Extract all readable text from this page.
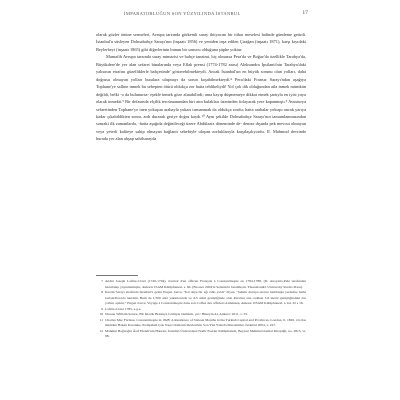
İMPARATORLUĞUN SON YÜZYILINDA İSTANBUL	17

olarak gözler önüne sermeleri, Avrupa tarzında görkemli saray ihtiyacını bir itibar meselesi halinde gündeme getirdi. İstanbul'u süsleyen Dolmabahçe Sarayı'nın (inşaatı 1856) ve yeniden inşa edilen Çırağan (inşaatı 1871), karşı kıyıdaki Beylerbeyi (inşaatı 1865) gibi diğerlerinin bunun bir sonucu olduğuna şüphe yoktur.

Mamafih Avrupa tarzında saray mimarisi ve bahçe tanzimi, hiç olmazsa Pera'da ve Boğaz'da özellikle Tarabya'da, Büyükdere'de yer alan sefaret binalarında veya Eflak prensi (1774-1782 arası) Aleksandra İpsilanti'nin Tarabya'daki yalısının etrafını güzelliklerle bahçesinde' gösterebilmekteydi. Ancak İstanbul'un en büyük sorunu olan yolları, daha doğrusu olmayan yolları buralara ulaşmayı da sorun koşabilmekteydi.⁸ Pera'daki Fransız Sarayı'ndan aşağıya Tophane'ye sallıne inmek bu sebepten ötürü oldukça zor hatta tehlikeliydi! Yol çok dik olduğundan atla inmek mümkün değildi, belki -o da bulunursa- eşekle inmek göze alınabilirdi; ama kayıp düşmemeye dikkat etmek şartıyla en iyisi yaya olarak inmekti.⁹ Bir defasında elçilik tercümanından biri atın kulakları üzerinden fırlayarak yere kapanmıştı.⁹ Avusturya sefaretinden Tophane'ye inen yokuşun arabayla yukarı tırmanmak da oldukça zordu; hatta arabalar yokuşu ancak yarıya kadar çıkabildikten sonra, ardı durarak geriye doğru kaydı.¹⁰ Aynı şekilde Dolmabahçe Sarayı'nın tamamlanmasından sonraki ilk zamanlarda, -hatta aşağıda değinileceği üzere Abdülaziz döneminde de- denize dışında pek mevcut olmayan veya yeterli kaliteye sahip olmayan bağlantı sebebiyle ulaşım zorluklarıyla karşılaşılıyordu. II. Mahmud devrinde burada yer alan ahşap sahilsarayda

7 André Joseph Lafitte-Clavé (1740-1794), Journal d'un officier Français à Constantinople en 1784-1788, (D. Anoyatis-Pelé tarafından hazırlanıp yayınlanmıştır, Ankara: ISAM Kütüphanesi, s. 66. (Bu eser 2004'te Selanik'te basılmıştır. Thessaloniki: University Studio Press).
8 Kazım Sarayı etrafında İstanbul'a gelen Eugen Jouve, "Kıl deye bir ağı tahtı yoldi" diyen, "Şehrin Avrupa tarzını bambaşka yerlerine belki Galata/Pera'da tanıdım. Hem de 1,500 adet yakınlarında ve 4-5 adım genişliğinde olan Pera'nın ana caddesi 3-6 metre genişliğindeki dar yolları açıktır." Eugen Jouve, Voyage à Constantinople dans son Coffee des officiers Armenien, Ankara: IISAM Kütüphanesi, s. 64, 32 s 16.
9 Lafitte-Clavé 1785, a.g.e.
10 Nassau William Senior, Bir Klacik Britanya Gözüyle Osmanlı, çev: Hüseyin Al, Ankara: 2011, s. 55.
11 Charles Mac Farlane, Constantinople in 1828: A Residence of Sixteen Months in the Turkish Capital and Provinces, London, ll. 1829, vd./das üsküden Hakan Karateke, Padişahım Çok Yaşa! Osmanlı Devleti'nin Son Yüz Yılında Merasimler, İstanbul 2004, s. 227.
12 Mahmut Bağlıoğlu Âsıf Efendi'nin Hatıratı, İstanbul Üniversitesi Nadir Eserler Kütüphanesi, Beyazıt Mehmed Kemal Kitapliği, no. 2815, vr. 98.
